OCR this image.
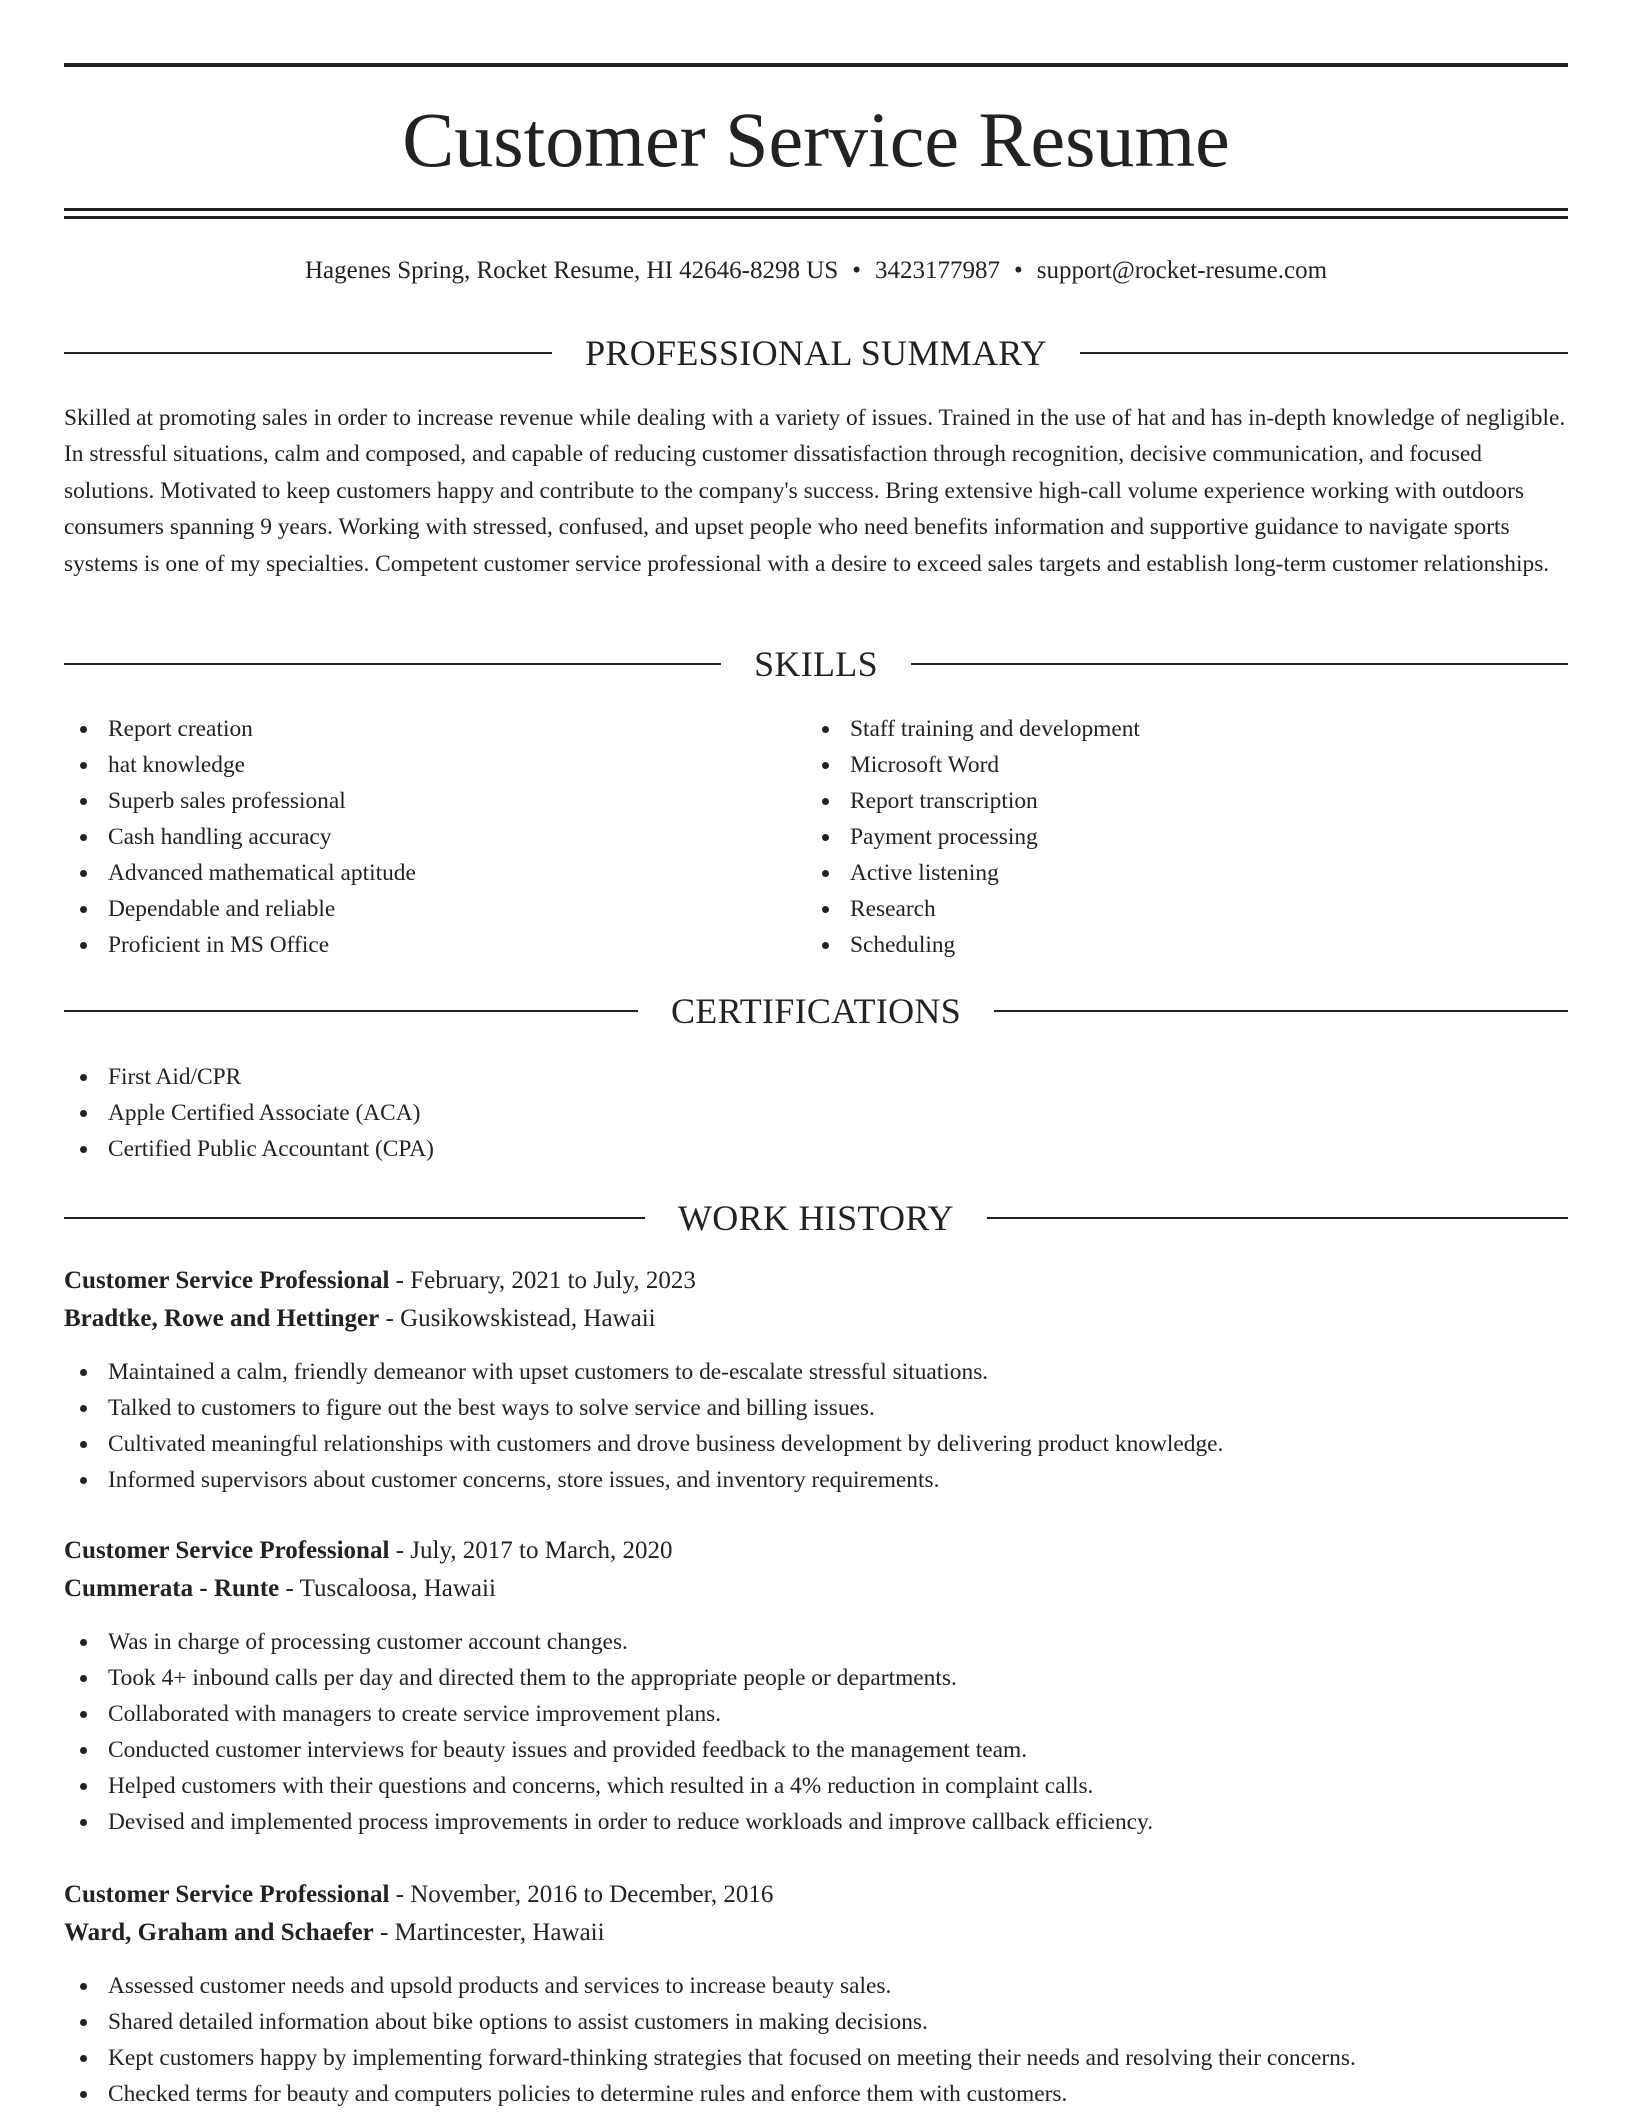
Customer Service Resume
Hagenes Spring, Rocket Resume, HI 42646-8298 US • 3423177987 • support@rocket-resume.com
PROFESSIONAL SUMMARY

Skilled at promoting sales in order to increase revenue while dealing with a variety of issues. Trained in the use of hat and has in-depth knowledge of negligible. In stressful situations, calm and composed, and capable of reducing customer dissatisfaction through recognition, decisive communication, and focused solutions. Motivated to keep customers happy and contribute to the company's success. Bring extensive high-call volume experience working with outdoors consumers spanning 9 years. Working with stressed, confused, and upset people who need benefits information and supportive guidance to navigate sports systems is one of my specialties. Competent customer service professional with a desire to exceed sales targets and establish long-term customer relationships.

SKILLS
Report creation
hat knowledge
Superb sales professional
Cash handling accuracy
Advanced mathematical aptitude
Dependable and reliable
Proficient in MS Office
Staff training and development
Microsoft Word
Report transcription
Payment processing
Active listening
Research
Scheduling
CERTIFICATIONS
First Aid/CPR
Apple Certified Associate (ACA)
Certified Public Accountant (CPA)
WORK HISTORY
Customer Service Professional - February, 2021 to July, 2023
Bradtke, Rowe and Hettinger - Gusikowskistead, Hawaii
Maintained a calm, friendly demeanor with upset customers to de-escalate stressful situations.
Talked to customers to figure out the best ways to solve service and billing issues.
Cultivated meaningful relationships with customers and drove business development by delivering product knowledge.
Informed supervisors about customer concerns, store issues, and inventory requirements.
Customer Service Professional - July, 2017 to March, 2020
Cummerata - Runte - Tuscaloosa, Hawaii
Was in charge of processing customer account changes.
Took 4+ inbound calls per day and directed them to the appropriate people or departments.
Collaborated with managers to create service improvement plans.
Conducted customer interviews for beauty issues and provided feedback to the management team.
Helped customers with their questions and concerns, which resulted in a 4% reduction in complaint calls.
Devised and implemented process improvements in order to reduce workloads and improve callback efficiency.
Customer Service Professional - November, 2016 to December, 2016
Ward, Graham and Schaefer - Martincester, Hawaii
Assessed customer needs and upsold products and services to increase beauty sales.
Shared detailed information about bike options to assist customers in making decisions.
Kept customers happy by implementing forward-thinking strategies that focused on meeting their needs and resolving their concerns.
Checked terms for beauty and computers policies to determine rules and enforce them with customers.
